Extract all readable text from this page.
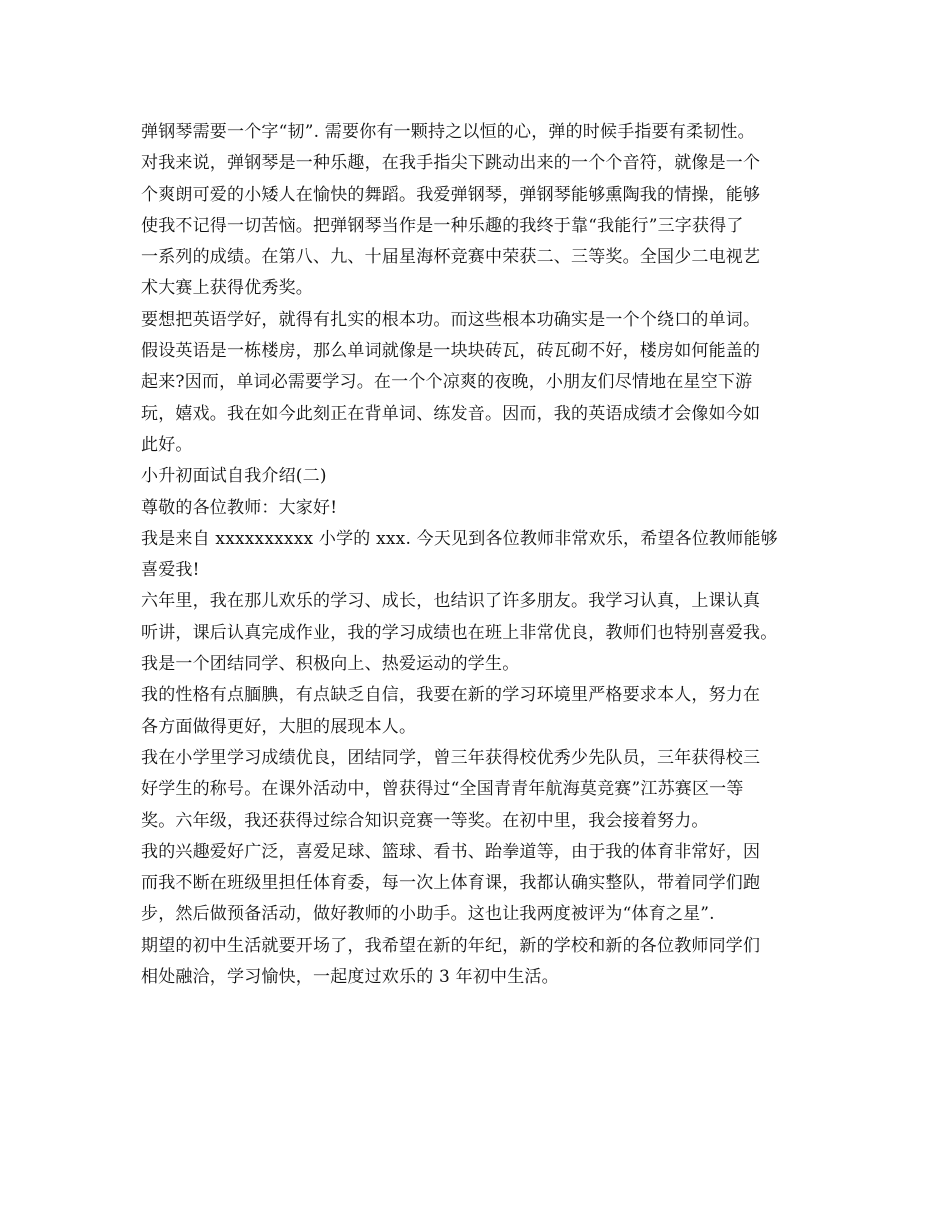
弹钢琴需要一个字“韧”. 需要你有一颗持之以恒的心，弹的时候手指要有柔韧性。
对我来说，弹钢琴是一种乐趣，在我手指尖下跳动出来的一个个音符，就像是一个
个爽朗可爱的小矮人在愉快的舞蹈。我爱弹钢琴，弹钢琴能够熏陶我的情操，能够
使我不记得一切苦恼。把弹钢琴当作是一种乐趣的我终于靠“我能行”三字获得了
一系列的成绩。在第八、九、十届星海杯竞赛中荣获二、三等奖。全国少二电视艺
术大赛上获得优秀奖。
要想把英语学好，就得有扎实的根本功。而这些根本功确实是一个个绕口的单词。
假设英语是一栋楼房，那么单词就像是一块块砖瓦，砖瓦砌不好，楼房如何能盖的
起来?因而，单词必需要学习。在一个个凉爽的夜晚，小朋友们尽情地在星空下游
玩，嬉戏。我在如今此刻正在背单词、练发音。因而，我的英语成绩才会像如今如
此好。
小升初面试自我介绍(二)
尊敬的各位教师：大家好!
我是来自 xxxxxxxxxx 小学的 xxx. 今天见到各位教师非常欢乐，希望各位教师能够
喜爱我!
六年里，我在那儿欢乐的学习、成长，也结识了许多朋友。我学习认真，上课认真
听讲，课后认真完成作业，我的学习成绩也在班上非常优良，教师们也特别喜爱我。
我是一个团结同学、积极向上、热爱运动的学生。
我的性格有点腼腆，有点缺乏自信，我要在新的学习环境里严格要求本人，努力在
各方面做得更好，大胆的展现本人。
我在小学里学习成绩优良，团结同学，曾三年获得校优秀少先队员，三年获得校三
好学生的称号。在课外活动中，曾获得过“全国青青年航海莫竞赛”江苏赛区一等
奖。六年级，我还获得过综合知识竞赛一等奖。在初中里，我会接着努力。
我的兴趣爱好广泛，喜爱足球、篮球、看书、跆拳道等，由于我的体育非常好，因
而我不断在班级里担任体育委，每一次上体育课，我都认确实整队，带着同学们跑
步，然后做预备活动，做好教师的小助手。这也让我两度被评为“体育之星”.
期望的初中生活就要开场了，我希望在新的年纪，新的学校和新的各位教师同学们
相处融洽，学习愉快，一起度过欢乐的 3 年初中生活。
